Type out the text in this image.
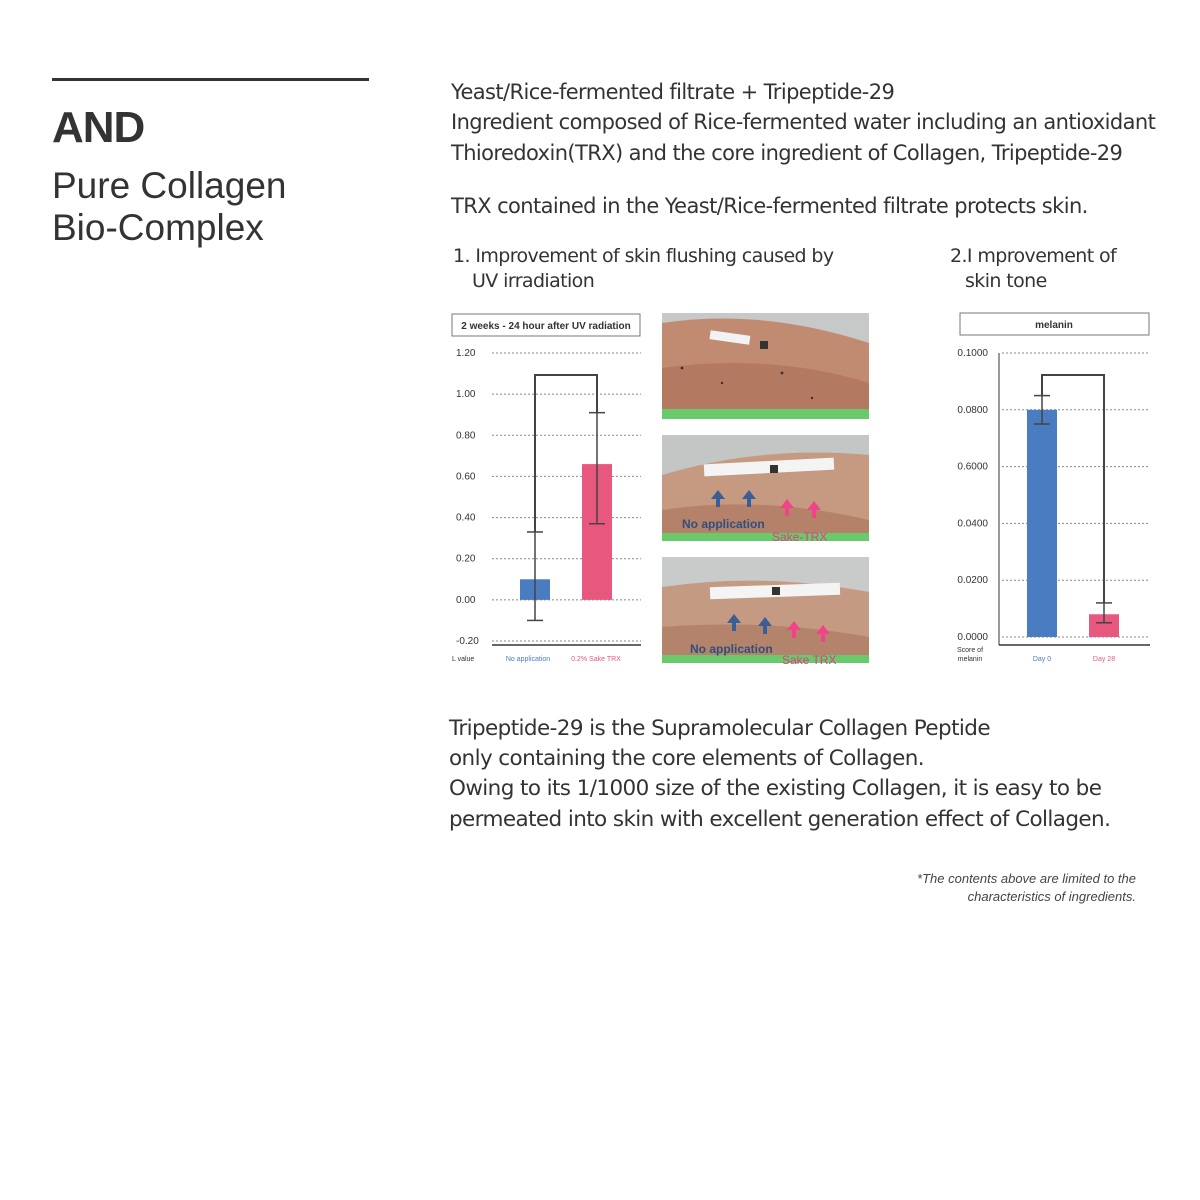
AND
Pure Collagen
Bio-Complex
Yeast/Rice-fermented filtrate + Tripeptide-29
Ingredient composed of Rice-fermented water including an antioxidant
Thioredoxin(TRX) and the core ingredient of Collagen, Tripeptide-29
TRX contained in the Yeast/Rice-fermented filtrate protects skin.
1. Improvement of skin flushing caused by
UV irradiation
2.I mprovement of
skin tone
2 weeks - 24 hour after UV radiation
1.20
1.00
0.80
0.60
0.40
0.20
0.00
-0.20
L value	No application	0.2% Sake TRX
No application
Sake-TRX
No application
Sake TRX
melanin
0.1000
0.0800
0.6000
0.0400
0.0200
0.0000
Score of
melanin	Day 0	Day 28
Tripeptide-29 is the Supramolecular Collagen Peptide
only containing the core elements of Collagen.
Owing to its 1/1000 size of the existing Collagen, it is easy to be
permeated into skin with excellent generation effect of Collagen.
*The contents above are limited to the
characteristics of ingredients.
